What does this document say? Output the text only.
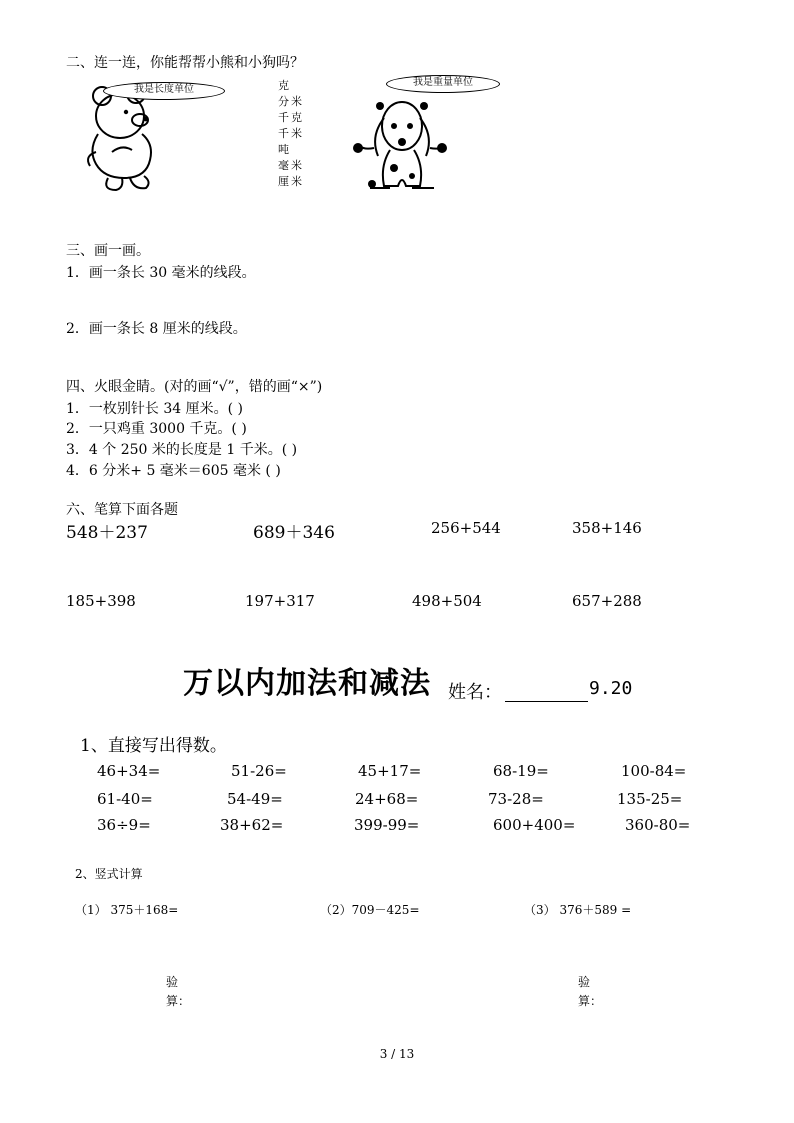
二、连一连，你能帮帮小熊和小狗吗？
我是长度单位	克
分米
千克
千米
吨
毫米
厘米
我是重量单位
三、画一画。
1．画一条长 30 毫米的线段。
2．画一条长 8 厘米的线段。
四、火眼金睛。(对的画“√”，错的画“×”)
1．一枚别针长 34 厘米。( )
2．一只鸡重 3000 千克。( )
3．4 个 250 米的长度是 1 千米。( )
4．6 分米+ 5 毫米＝605 毫米 ( )
六、笔算下面各题
548＋237	689＋346	256+544	358+146
185+398	197+317	498+504	657+288
万以内加法和减法 姓名：	9.20
1、直接写出得数。
46+34=	51-26=	45+17=	68-19=	100-84=
61-40=	54-49=	24+68=	73-28=	135-25=
36÷9=	38+62=	399-99=	600+400=	360-80=
2、竖式计算
（1） 375＋168=	（2）709－425=	（3） 376＋589 =
验
算：
验
算：
3 / 13
